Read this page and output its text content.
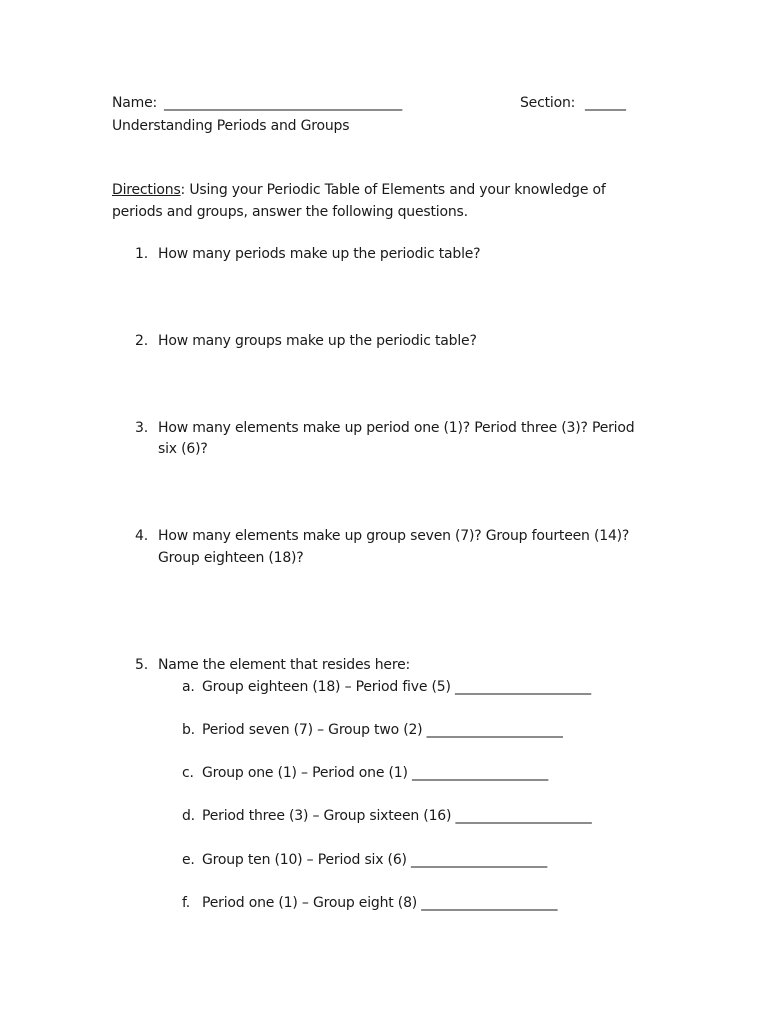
Name: ___________________________________	Section: ______
Understanding Periods and Groups
Directions: Using your Periodic Table of Elements and your knowledge of
periods and groups, answer the following questions.
1. How many periods make up the periodic table?
2. How many groups make up the periodic table?
3. How many elements make up period one (1)? Period three (3)? Period
six (6)?
4. How many elements make up group seven (7)? Group fourteen (14)?
Group eighteen (18)?
5. Name the element that resides here:
a. Group eighteen (18) – Period five (5) ____________________
b. Period seven (7) – Group two (2) ____________________
c. Group one (1) – Period one (1) ____________________
d. Period three (3) – Group sixteen (16) ____________________
e. Group ten (10) – Period six (6) ____________________
f. Period one (1) – Group eight (8) ____________________
